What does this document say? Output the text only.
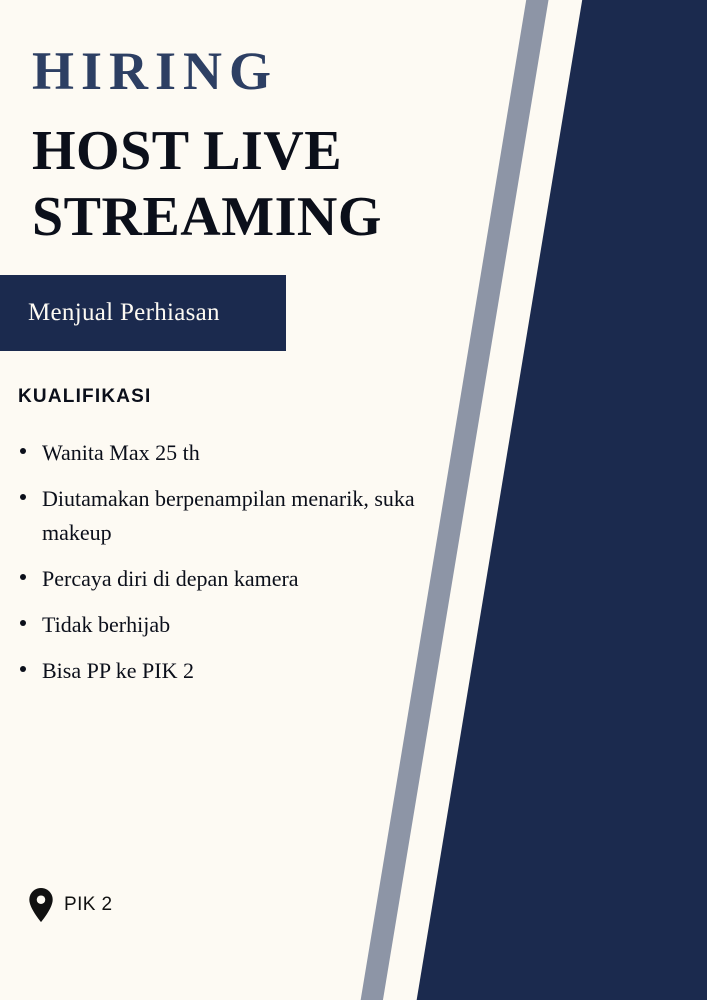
HIRING
HOST LIVE STREAMING
Menjual Perhiasan
KUALIFIKASI
Wanita Max 25 th
Diutamakan berpenampilan menarik, suka makeup
Percaya diri di depan kamera
Tidak berhijab
Bisa PP ke PIK 2
PIK 2
